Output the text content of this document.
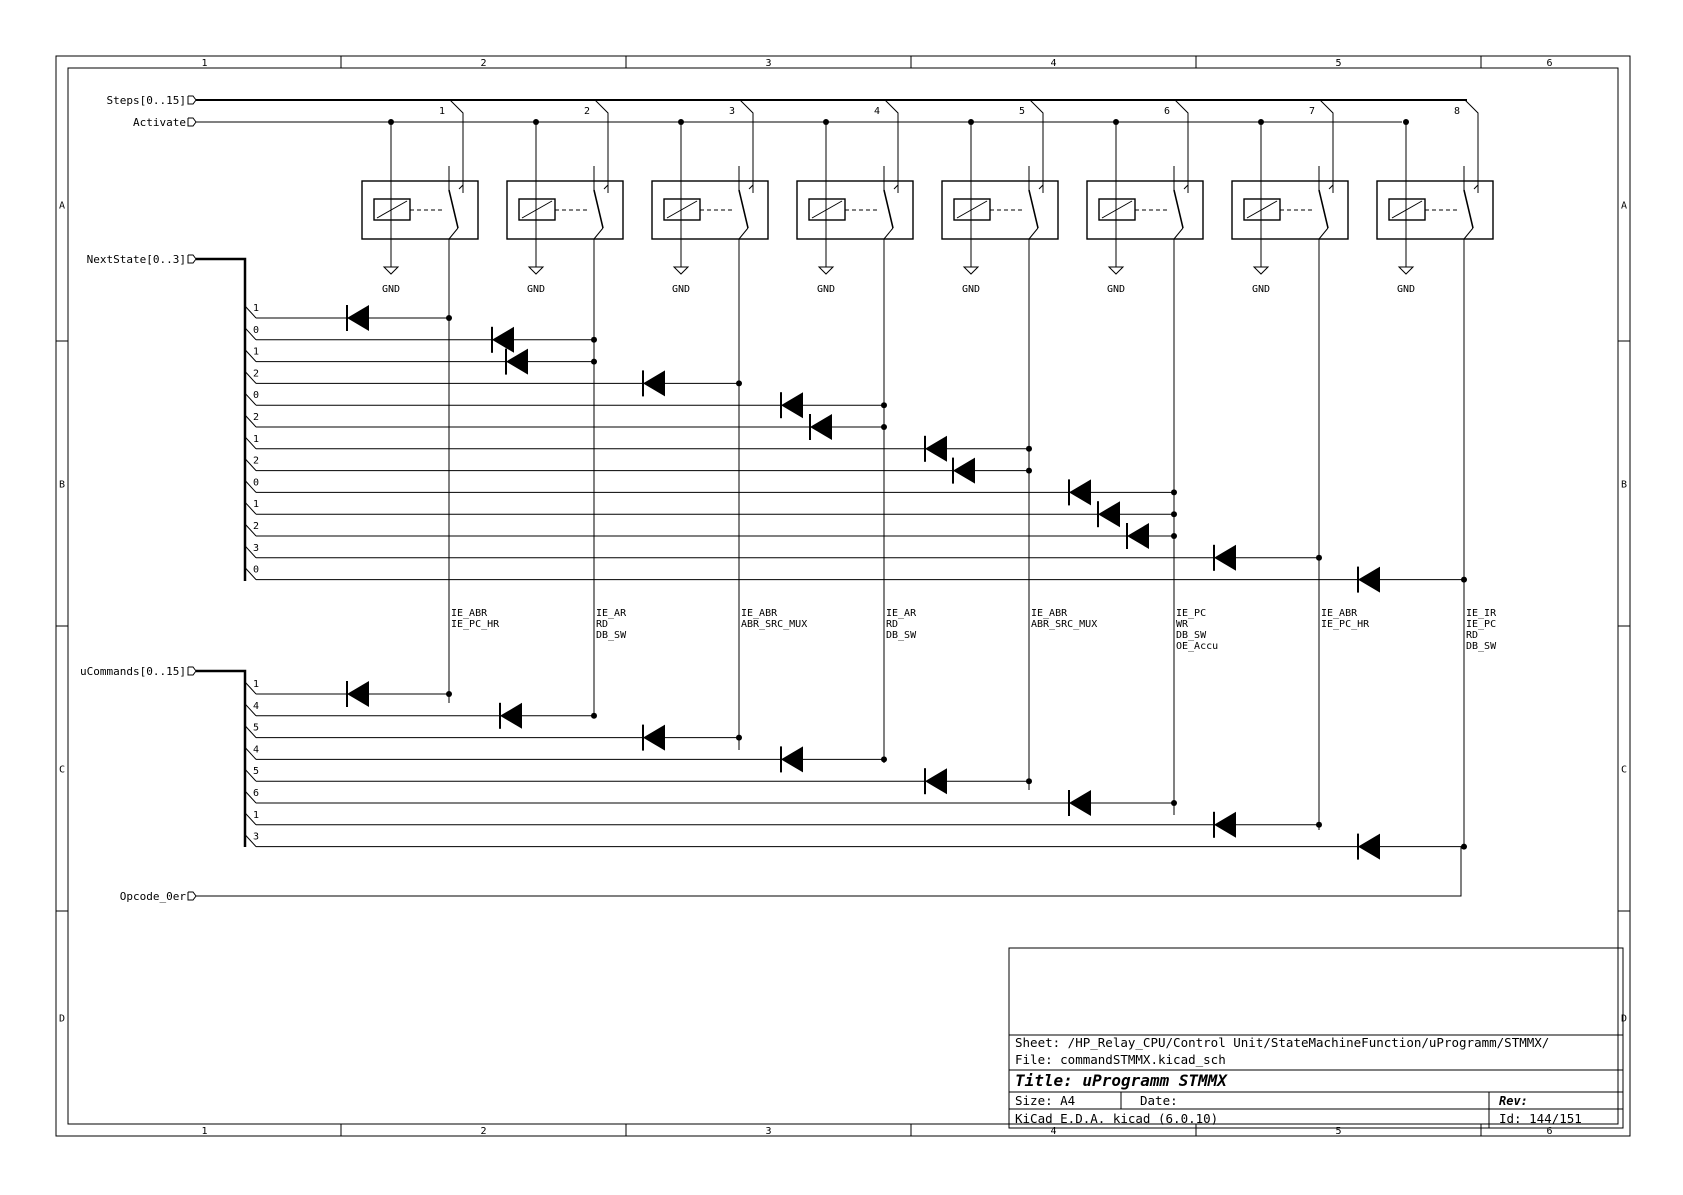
1
1
2
2
3
3
4
4
5
5
6
6
A	A
B	B
C	C
D	D
Steps[0..15]
Activate
NextState[0..3]
uCommands[0..15]
Opcode_0er
1
GND
2
GND
3
GND
4
GND
5
GND
6
GND
7
GND
8
GND
IE_ABR
IE_PC_HR
IE_AR
RD
DB_SW
IE_ABR
ABR_SRC_MUX
IE_AR
RD
DB_SW
IE_ABR
ABR_SRC_MUX
IE_PC
WR
DB_SW
OE_Accu
IE_ABR
IE_PC_HR
IE_IR
IE_PC
RD
DB_SW
1
0
1
2
0
2
1
2
0
1
2
3
0
1
4
5
4
5
6
1
3
Sheet: /HP_Relay_CPU/Control Unit/StateMachineFunction/uProgramm/STMMX/
File: commandSTMMX.kicad_sch
Title: uProgramm STMMX
Size: A4	Date:	Rev:
KiCad E.D.A. kicad (6.0.10)	Id: 144/151
